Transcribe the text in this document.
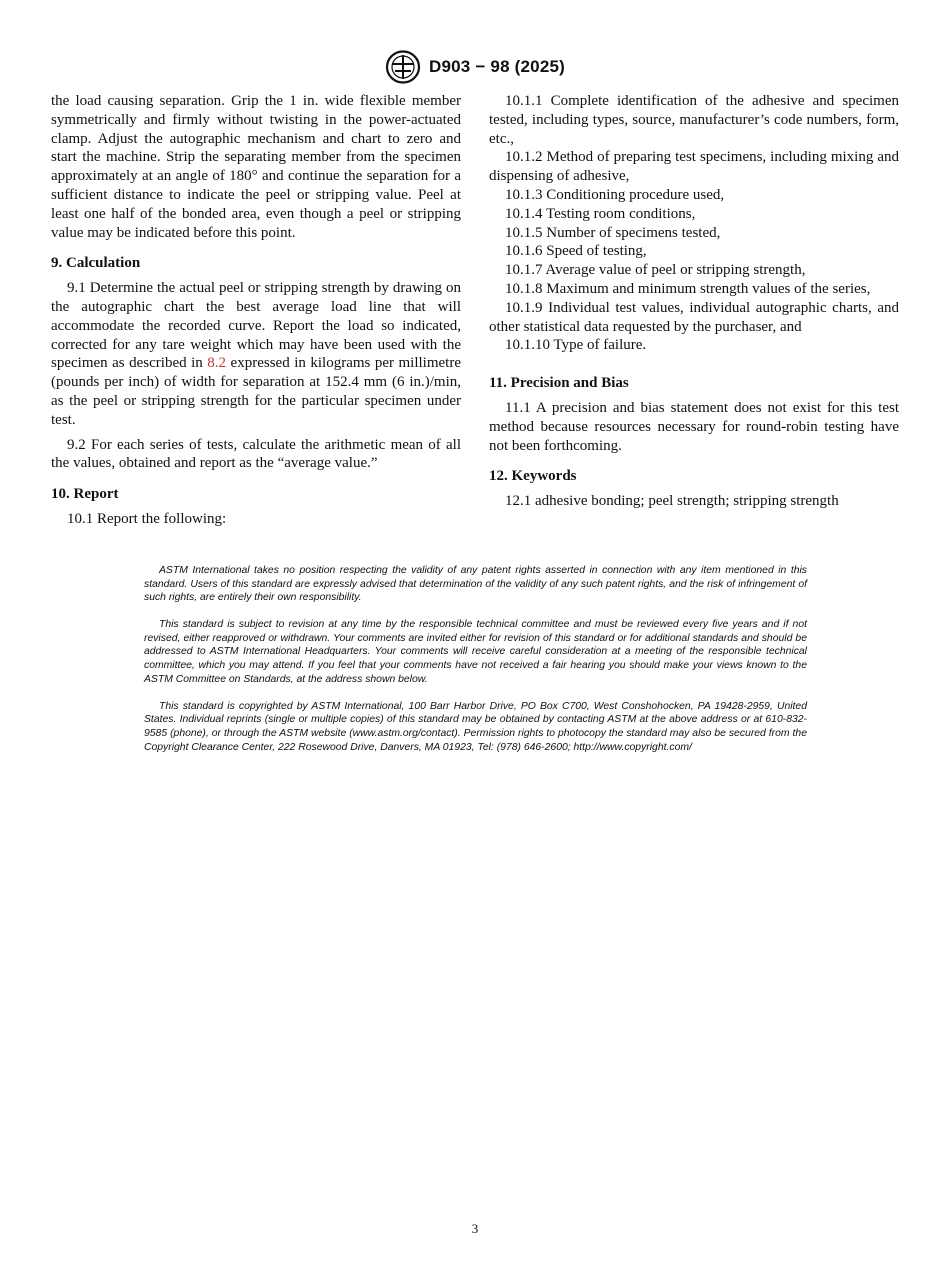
D903 − 98 (2025)

the load causing separation. Grip the 1 in. wide flexible member symmetrically and firmly without twisting in the power-actuated clamp. Adjust the autographic mechanism and chart to zero and start the machine. Strip the separating member from the specimen approximately at an angle of 180° and continue the separation for a sufficient distance to indicate the peel or stripping value. Peel at least one half of the bonded area, even though a peel or stripping value may be indicated before this point.

9. Calculation

9.1 Determine the actual peel or stripping strength by drawing on the autographic chart the best average load line that will accommodate the recorded curve. Report the load so indicated, corrected for any tare weight which may have been used with the specimen as described in 8.2 expressed in kilograms per millimetre (pounds per inch) of width for separation at 152.4 mm (6 in.)/min, as the peel or stripping strength for the particular specimen under test.

9.2 For each series of tests, calculate the arithmetic mean of all the values, obtained and report as the “average value.”

10. Report

10.1 Report the following:

10.1.1 Complete identification of the adhesive and specimen tested, including types, source, manufacturer’s code numbers, form, etc.,

10.1.2 Method of preparing test specimens, including mixing and dispensing of adhesive,

10.1.3 Conditioning procedure used,

10.1.4 Testing room conditions,

10.1.5 Number of specimens tested,

10.1.6 Speed of testing,

10.1.7 Average value of peel or stripping strength,

10.1.8 Maximum and minimum strength values of the series,

10.1.9 Individual test values, individual autographic charts, and other statistical data requested by the purchaser, and

10.1.10 Type of failure.

11. Precision and Bias

11.1 A precision and bias statement does not exist for this test method because resources necessary for round-robin testing have not been forthcoming.

12. Keywords

12.1 adhesive bonding; peel strength; stripping strength

ASTM International takes no position respecting the validity of any patent rights asserted in connection with any item mentioned in this standard. Users of this standard are expressly advised that determination of the validity of any such patent rights, and the risk of infringement of such rights, are entirely their own responsibility.

This standard is subject to revision at any time by the responsible technical committee and must be reviewed every five years and if not revised, either reapproved or withdrawn. Your comments are invited either for revision of this standard or for additional standards and should be addressed to ASTM International Headquarters. Your comments will receive careful consideration at a meeting of the responsible technical committee, which you may attend. If you feel that your comments have not received a fair hearing you should make your views known to the ASTM Committee on Standards, at the address shown below.

This standard is copyrighted by ASTM International, 100 Barr Harbor Drive, PO Box C700, West Conshohocken, PA 19428-2959, United States. Individual reprints (single or multiple copies) of this standard may be obtained by contacting ASTM at the above address or at 610-832-9585 (phone), or through the ASTM website (www.astm.org/contact). Permission rights to photocopy the standard may also be secured from the Copyright Clearance Center, 222 Rosewood Drive, Danvers, MA 01923, Tel: (978) 646-2600; http://www.copyright.com/

3
